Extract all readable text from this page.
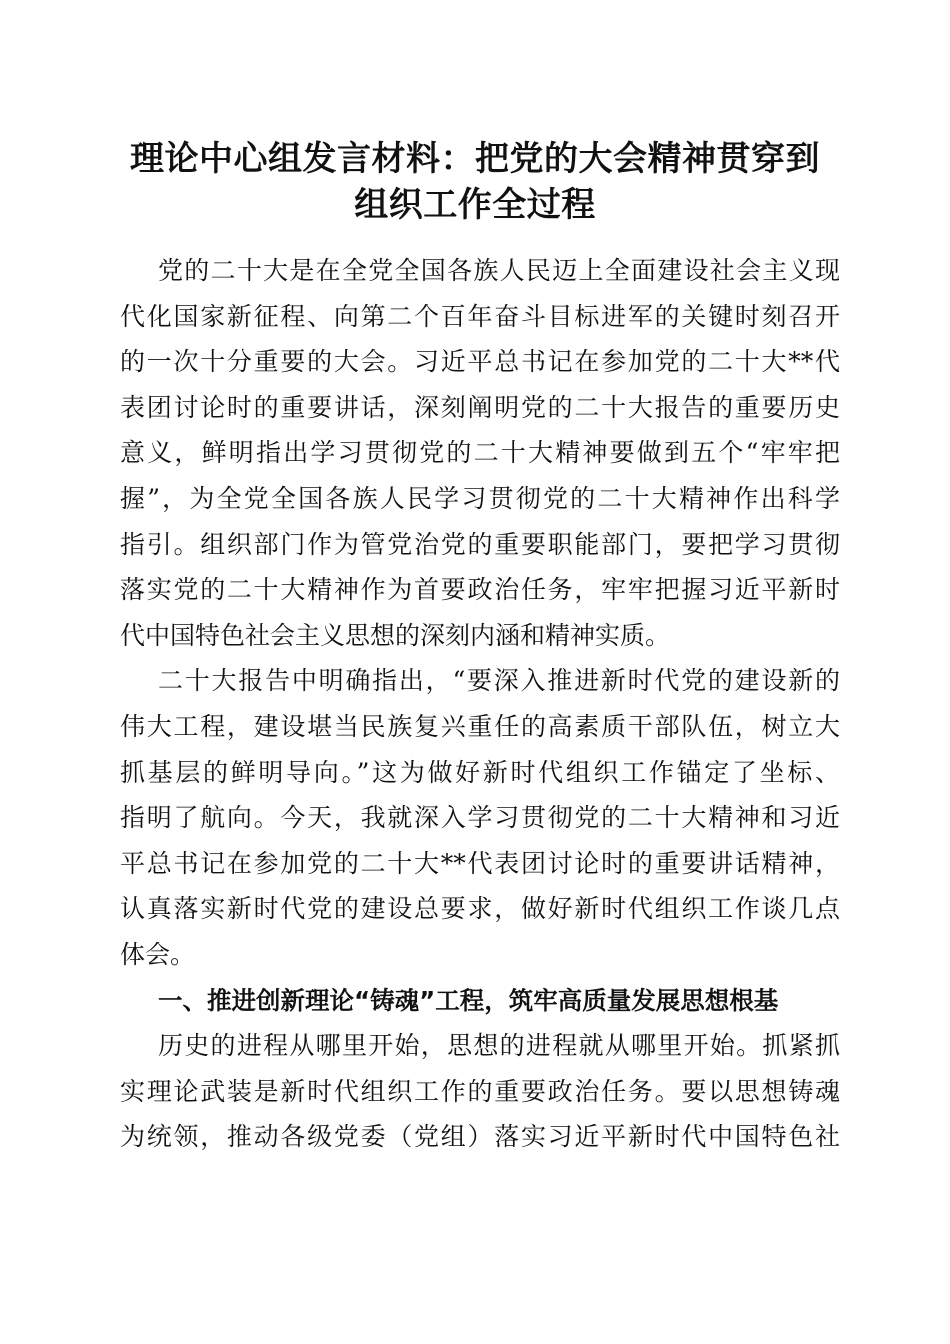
理论中心组发言材料：把党的大会精神贯穿到
组织工作全过程
党的二十大是在全党全国各族人民迈上全面建设社会主义现
代化国家新征程、向第二个百年奋斗目标进军的关键时刻召开
的一次十分重要的大会。习近平总书记在参加党的二十大**代
表团讨论时的重要讲话，深刻阐明党的二十大报告的重要历史
意义，鲜明指出学习贯彻党的二十大精神要做到五个“牢牢把
握”，为全党全国各族人民学习贯彻党的二十大精神作出科学
指引。组织部门作为管党治党的重要职能部门，要把学习贯彻
落实党的二十大精神作为首要政治任务，牢牢把握习近平新时
代中国特色社会主义思想的深刻内涵和精神实质。
二十大报告中明确指出，“要深入推进新时代党的建设新的
伟大工程，建设堪当民族复兴重任的高素质干部队伍，树立大
抓基层的鲜明导向。”这为做好新时代组织工作锚定了坐标、
指明了航向。今天，我就深入学习贯彻党的二十大精神和习近
平总书记在参加党的二十大**代表团讨论时的重要讲话精神，
认真落实新时代党的建设总要求，做好新时代组织工作谈几点
体会。
一、推进创新理论“铸魂”工程，筑牢高质量发展思想根基
历史的进程从哪里开始，思想的进程就从哪里开始。抓紧抓
实理论武装是新时代组织工作的重要政治任务。要以思想铸魂
为统领，推动各级党委（党组）落实习近平新时代中国特色社
